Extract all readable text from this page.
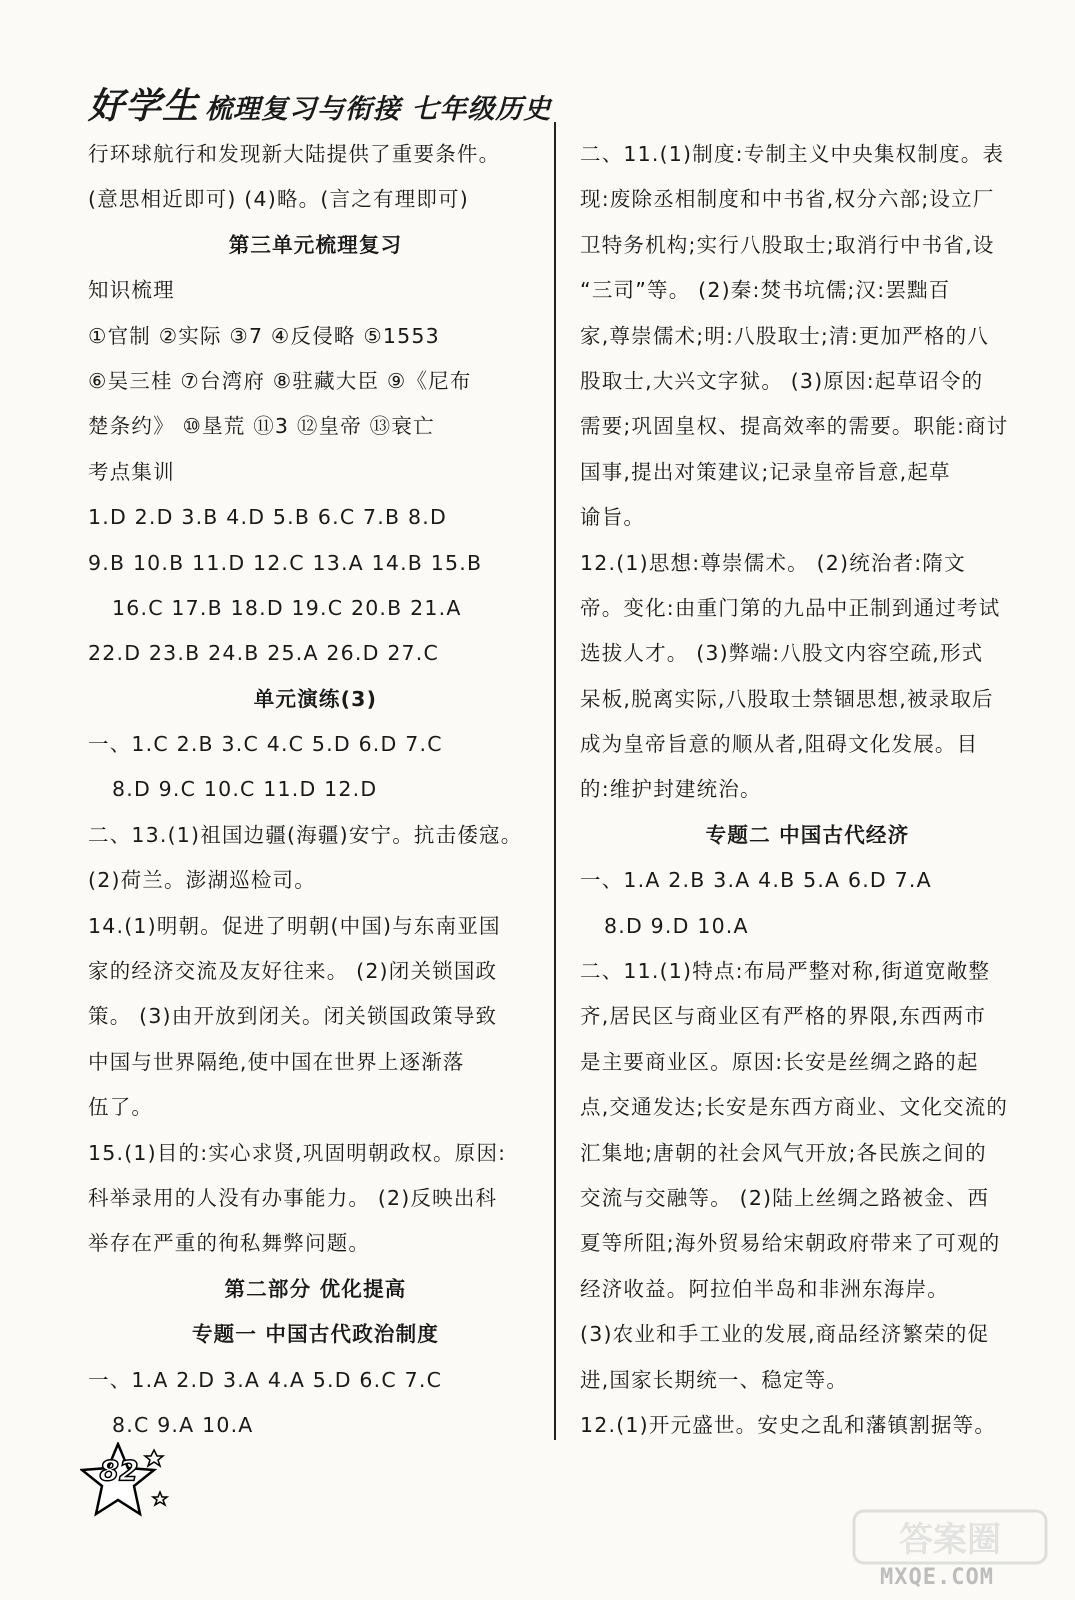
好学生 梳理复习与衔接 七年级历史
行环球航行和发现新大陆提供了重要条件。
(意思相近即可) (4)略。(言之有理即可)
第三单元梳理复习
知识梳理
①官制 ②实际 ③7 ④反侵略 ⑤1553
⑥吴三桂 ⑦台湾府 ⑧驻藏大臣 ⑨《尼布
楚条约》 ⑩垦荒 ⑪3 ⑫皇帝 ⑬衰亡
考点集训
1.D 2.D 3.B 4.D 5.B 6.C 7.B 8.D
9.B 10.B 11.D 12.C 13.A 14.B 15.B
16.C 17.B 18.D 19.C 20.B 21.A
22.D 23.B 24.B 25.A 26.D 27.C
单元演练(3)
一、1.C 2.B 3.C 4.C 5.D 6.D 7.C
8.D 9.C 10.C 11.D 12.D
二、13.(1)祖国边疆(海疆)安宁。抗击倭寇。
(2)荷兰。澎湖巡检司。
14.(1)明朝。促进了明朝(中国)与东南亚国
家的经济交流及友好往来。 (2)闭关锁国政
策。 (3)由开放到闭关。闭关锁国政策导致
中国与世界隔绝,使中国在世界上逐渐落
伍了。
15.(1)目的:实心求贤,巩固明朝政权。原因:
科举录用的人没有办事能力。 (2)反映出科
举存在严重的徇私舞弊问题。
第二部分 优化提高
专题一 中国古代政治制度
一、1.A 2.D 3.A 4.A 5.D 6.C 7.C
8.C 9.A 10.A
二、11.(1)制度:专制主义中央集权制度。表
现:废除丞相制度和中书省,权分六部;设立厂
卫特务机构;实行八股取士;取消行中书省,设
“三司”等。 (2)秦:焚书坑儒;汉:罢黜百
家,尊崇儒术;明:八股取士;清:更加严格的八
股取士,大兴文字狱。 (3)原因:起草诏令的
需要;巩固皇权、提高效率的需要。职能:商讨
国事,提出对策建议;记录皇帝旨意,起草
谕旨。
12.(1)思想:尊崇儒术。 (2)统治者:隋文
帝。变化:由重门第的九品中正制到通过考试
选拔人才。 (3)弊端:八股文内容空疏,形式
呆板,脱离实际,八股取士禁锢思想,被录取后
成为皇帝旨意的顺从者,阻碍文化发展。目
的:维护封建统治。
专题二 中国古代经济
一、1.A 2.B 3.A 4.B 5.A 6.D 7.A
8.D 9.D 10.A
二、11.(1)特点:布局严整对称,街道宽敞整
齐,居民区与商业区有严格的界限,东西两市
是主要商业区。原因:长安是丝绸之路的起
点,交通发达;长安是东西方商业、文化交流的
汇集地;唐朝的社会风气开放;各民族之间的
交流与交融等。 (2)陆上丝绸之路被金、西
夏等所阻;海外贸易给宋朝政府带来了可观的
经济收益。阿拉伯半岛和非洲东海岸。
(3)农业和手工业的发展,商品经济繁荣的促
进,国家长期统一、稳定等。
12.(1)开元盛世。安史之乱和藩镇割据等。
82
答案圈
MXQE.COM
